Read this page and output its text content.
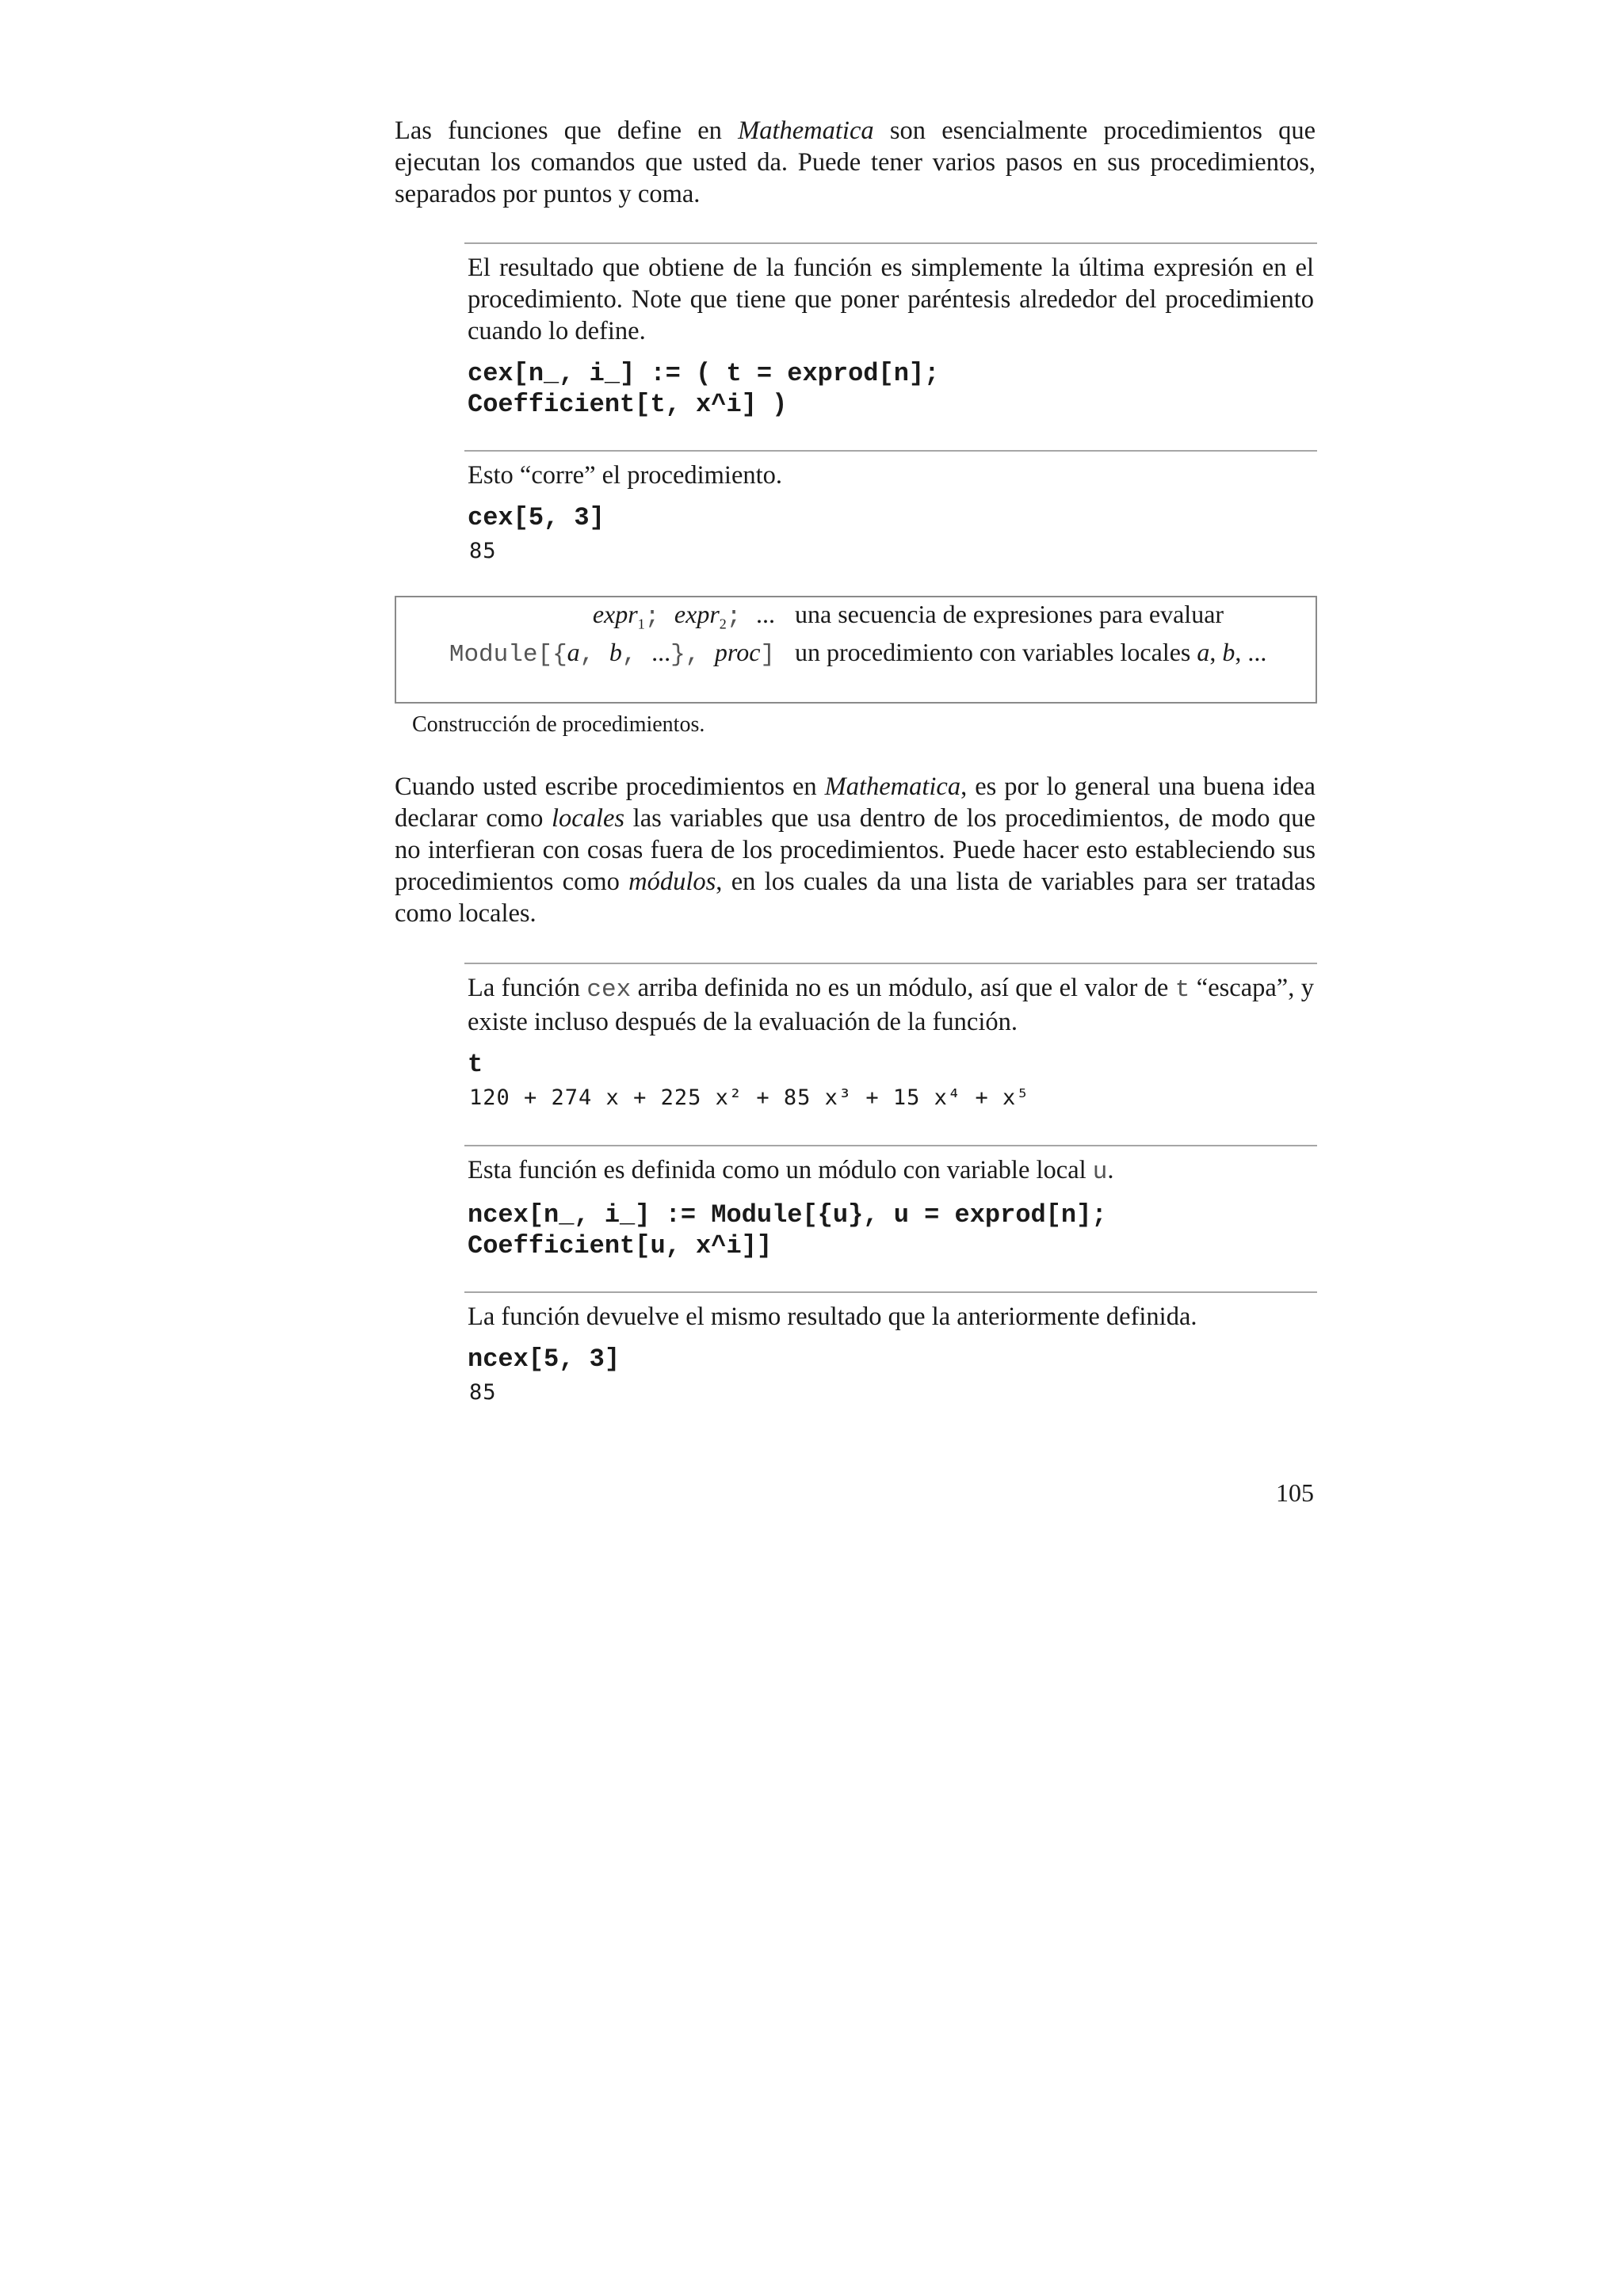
Las funciones que define en Mathematica son esencialmente procedimientos que ejecutan los comandos que usted da. Puede tener varios pasos en sus procedimientos, separados por puntos y coma.

El resultado que obtiene de la función es simplemente la última expresión en el procedimiento. Note que tiene que poner paréntesis alrededor del procedimiento cuando lo define.

cex[n_, i_] := ( t = exprod[n];
Coefficient[t, x^i] )

Esto “corre” el procedimiento.

cex[5, 3]
85
expr$_1$; expr$_2$; ... una secuencia de expresiones para evaluar
Module[{a, b, ...}, proc] un procedimiento con variables locales a, b, ...
Construcción de procedimientos.

Cuando usted escribe procedimientos en Mathematica, es por lo general una buena idea declarar como locales las variables que usa dentro de los procedimientos, de modo que no interfieran con cosas fuera de los procedimientos. Puede hacer esto estableciendo sus procedimientos como módulos, en los cuales da una lista de variables para ser tratadas como locales.

La función cex arriba definida no es un módulo, así que el valor de t “escapa”, y existe incluso después de la evaluación de la función.

t
120 + 274 x + 225 x² + 85 x³ + 15 x⁴ + x⁵

Esta función es definida como un módulo con variable local u.

ncex[n_, i_] := Module[{u}, u = exprod[n];
Coefficient[u, x^i]]

La función devuelve el mismo resultado que la anteriormente definida.

ncex[5, 3]
85
105
